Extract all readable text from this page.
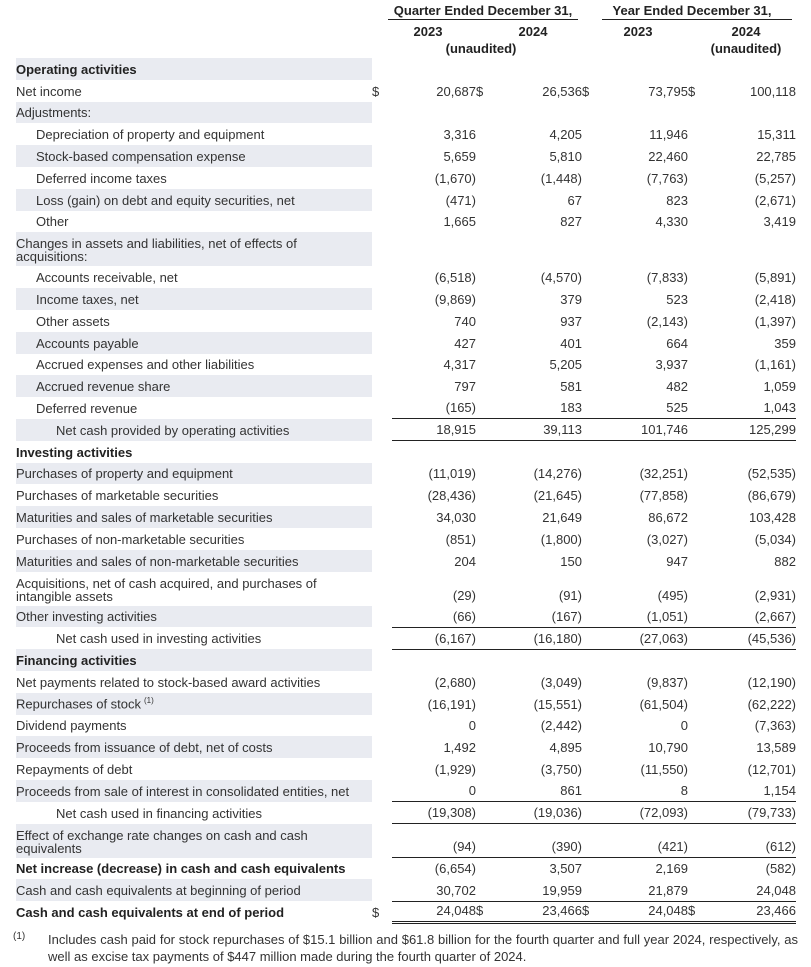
Quarter Ended December 31,	Year Ended December 31,
2023	2024	2023	2024
(unaudited)	(unaudited)
Operating activities								
Net income	$	20,687	$	26,536	$	73,795	$	100,118
Adjustments:								
Depreciation of property and equipment		3,316		4,205		11,946		15,311
Stock-based compensation expense		5,659		5,810		22,460		22,785
Deferred income taxes		(1,670)		(1,448)		(7,763)		(5,257)
Loss (gain) on debt and equity securities, net		(471)		67		823		(2,671)
Other		1,665		827		4,330		3,419
Changes in assets and liabilities, net of effects of acquisitions:								
Accounts receivable, net		(6,518)		(4,570)		(7,833)		(5,891)
Income taxes, net		(9,869)		379		523		(2,418)
Other assets		740		937		(2,143)		(1,397)
Accounts payable		427		401		664		359
Accrued expenses and other liabilities		4,317		5,205		3,937		(1,161)
Accrued revenue share		797		581		482		1,059
Deferred revenue		(165)		183		525		1,043
Net cash provided by operating activities		18,915		39,113		101,746		125,299
Investing activities								
Purchases of property and equipment		(11,019)		(14,276)		(32,251)		(52,535)
Purchases of marketable securities		(28,436)		(21,645)		(77,858)		(86,679)
Maturities and sales of marketable securities		34,030		21,649		86,672		103,428
Purchases of non-marketable securities		(851)		(1,800)		(3,027)		(5,034)
Maturities and sales of non-marketable securities		204		150		947		882
Acquisitions, net of cash acquired, and purchases of intangible assets		(29)		(91)		(495)		(2,931)
Other investing activities		(66)		(167)		(1,051)		(2,667)
Net cash used in investing activities		(6,167)		(16,180)		(27,063)		(45,536)
Financing activities								
Net payments related to stock-based award activities		(2,680)		(3,049)		(9,837)		(12,190)
Repurchases of stock $^{(1)}$		(16,191)		(15,551)		(61,504)		(62,222)
Dividend payments		0		(2,442)		0		(7,363)
Proceeds from issuance of debt, net of costs		1,492		4,895		10,790		13,589
Repayments of debt		(1,929)		(3,750)		(11,550)		(12,701)
Proceeds from sale of interest in consolidated entities, net		0		861		8		1,154
Net cash used in financing activities		(19,308)		(19,036)		(72,093)		(79,733)
Effect of exchange rate changes on cash and cash equivalents		(94)		(390)		(421)		(612)
Net increase (decrease) in cash and cash equivalents		(6,654)		3,507		2,169		(582)
Cash and cash equivalents at beginning of period		30,702		19,959		21,879		24,048
Cash and cash equivalents at end of period	$	24,048	$	23,466	$	24,048	$	23,466
(1) Includes cash paid for stock repurchases of $15.1 billion and $61.8 billion for the fourth quarter and full year 2024, respectively, as well as excise tax payments of $447 million made during the fourth quarter of 2024.
